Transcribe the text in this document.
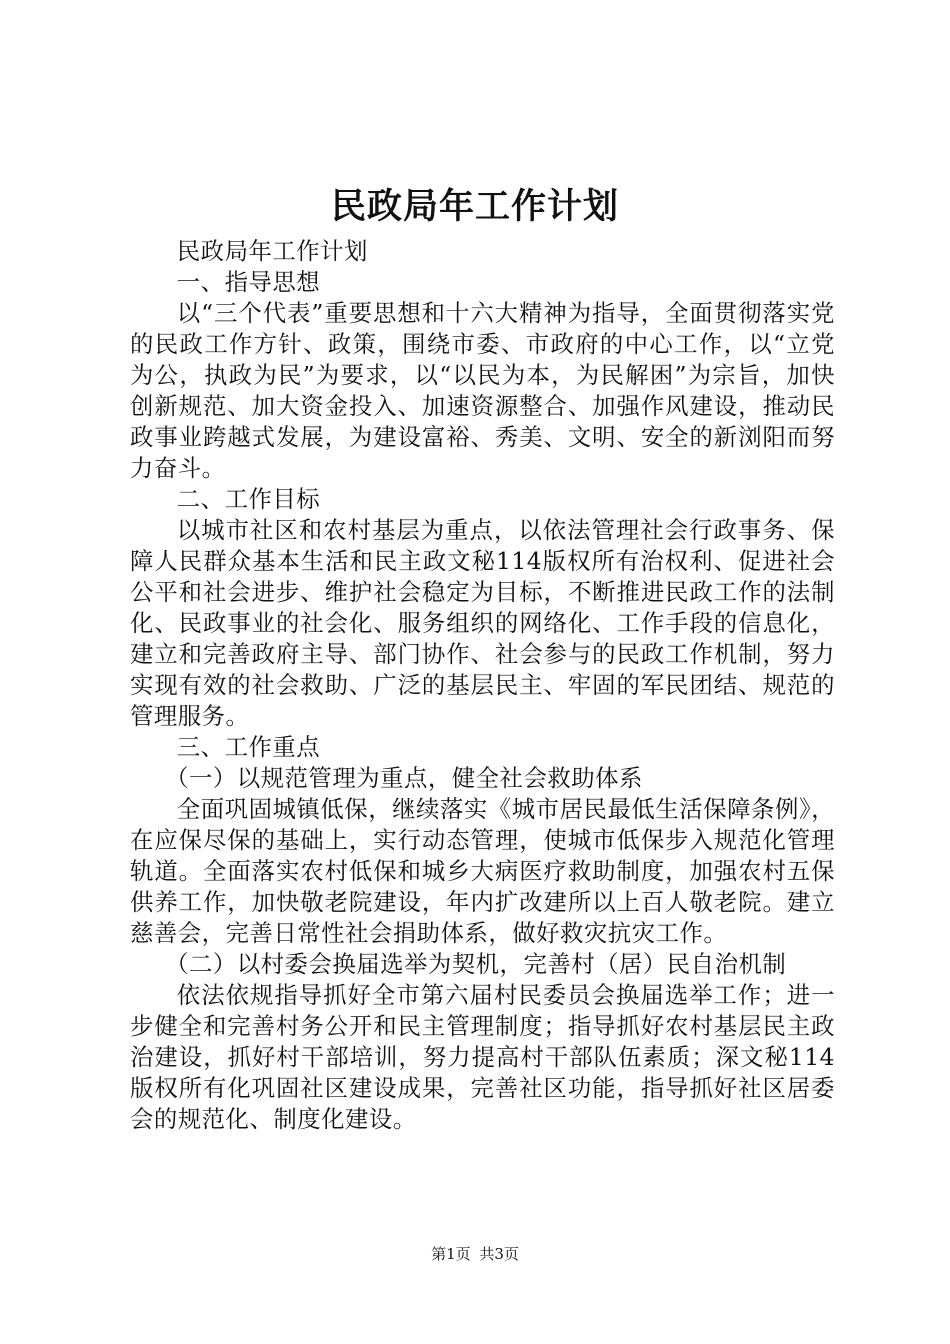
民政局年工作计划

民政局年工作计划

一、指导思想

以“三个代表”重要思想和十六大精神为指导，全面贯彻落实党的民政工作方针、政策，围绕市委、市政府的中心工作，以“立党为公，执政为民”为要求，以“以民为本，为民解困”为宗旨，加快创新规范、加大资金投入、加速资源整合、加强作风建设，推动民政事业跨越式发展，为建设富裕、秀美、文明、安全的新浏阳而努力奋斗。

二、工作目标

以城市社区和农村基层为重点，以依法管理社会行政事务、保障人民群众基本生活和民主政文秘114版权所有治权利、促进社会公平和社会进步、维护社会稳定为目标，不断推进民政工作的法制化、民政事业的社会化、服务组织的网络化、工作手段的信息化，建立和完善政府主导、部门协作、社会参与的民政工作机制，努力实现有效的社会救助、广泛的基层民主、牢固的军民团结、规范的管理服务。

三、工作重点

（一）以规范管理为重点，健全社会救助体系

全面巩固城镇低保，继续落实《城市居民最低生活保障条例》，在应保尽保的基础上，实行动态管理，使城市低保步入规范化管理轨道。全面落实农村低保和城乡大病医疗救助制度，加强农村五保供养工作，加快敬老院建设，年内扩改建所以上百人敬老院。建立慈善会，完善日常性社会捐助体系，做好救灾抗灾工作。

（二）以村委会换届选举为契机，完善村（居）民自治机制

依法依规指导抓好全市第六届村民委员会换届选举工作；进一步健全和完善村务公开和民主管理制度；指导抓好农村基层民主政治建设，抓好村干部培训，努力提高村干部队伍素质；深文秘114版权所有化巩固社区建设成果，完善社区功能，指导抓好社区居委会的规范化、制度化建设。

第1页 共3页
